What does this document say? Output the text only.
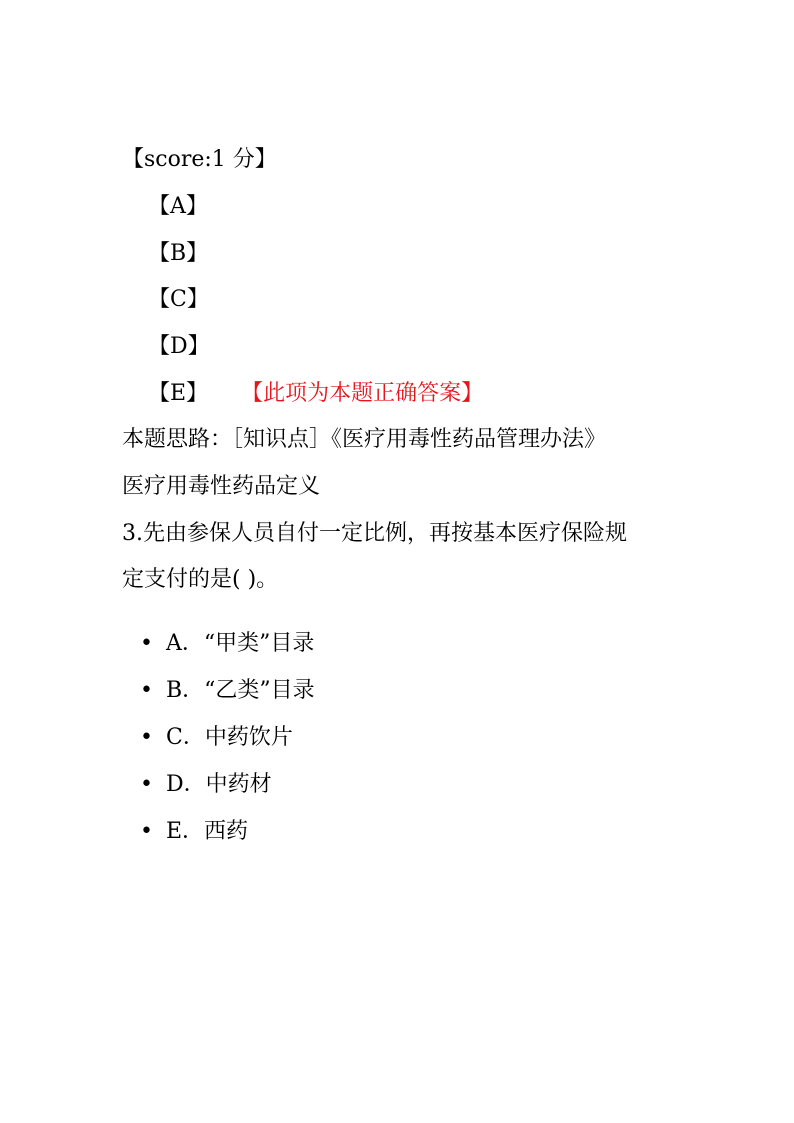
【score:1 分】
【A】
【B】
【C】
【D】
【E】 【此项为本题正确答案】
本题思路：［知识点］《医疗用毒性药品管理办法》
医疗用毒性药品定义
3.先由参保人员自付一定比例，再按基本医疗保险规
定支付的是( )。
• A．“甲类”目录
• B．“乙类”目录
• C．中药饮片
• D．中药材
• E．西药
